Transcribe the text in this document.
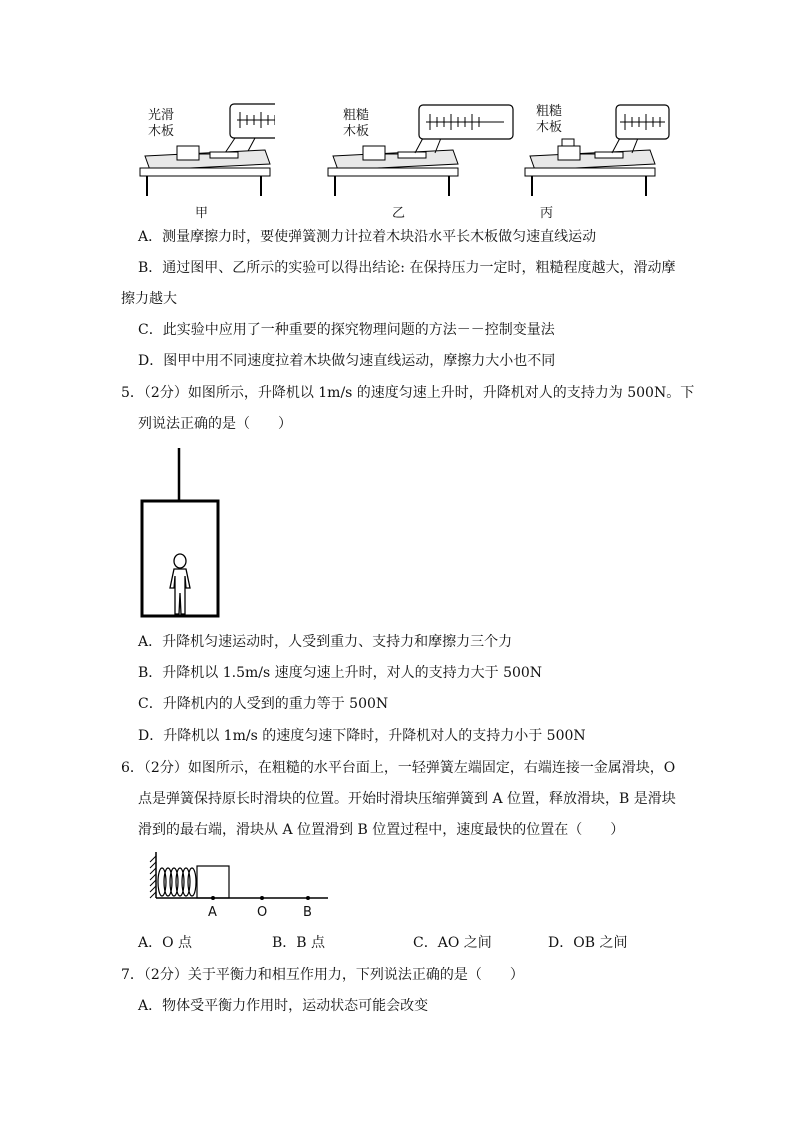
光滑
木板
甲
粗糙
木板
乙
粗糙
木板
丙
A．测量摩擦力时，要使弹簧测力计拉着木块沿水平长木板做匀速直线运动
B．通过图甲、乙所示的实验可以得出结论: 在保持压力一定时，粗糙程度越大，滑动摩
擦力越大
C．此实验中应用了一种重要的探究物理问题的方法－－控制变量法
D．图甲中用不同速度拉着木块做匀速直线运动，摩擦力大小也不同
5．（2分）如图所示，升降机以 1m/s 的速度匀速上升时，升降机对人的支持力为 500N。下
列说法正确的是（　　）
A．升降机匀速运动时，人受到重力、支持力和摩擦力三个力
B．升降机以 1.5m/s 速度匀速上升时，对人的支持力大于 500N
C．升降机内的人受到的重力等于 500N
D．升降机以 1m/s 的速度匀速下降时，升降机对人的支持力小于 500N
6．（2分）如图所示，在粗糙的水平台面上，一轻弹簧左端固定，右端连接一金属滑块，O
点是弹簧保持原长时滑块的位置。开始时滑块压缩弹簧到 A 位置，释放滑块，B 是滑块
滑到的最右端，滑块从 A 位置滑到 B 位置过程中，速度最快的位置在（　　）
A	O	B
A．O 点	B．B 点	C．AO 之间	D．OB 之间
7．（2分）关于平衡力和相互作用力，下列说法正确的是（　　）
A．物体受平衡力作用时，运动状态可能会改变
